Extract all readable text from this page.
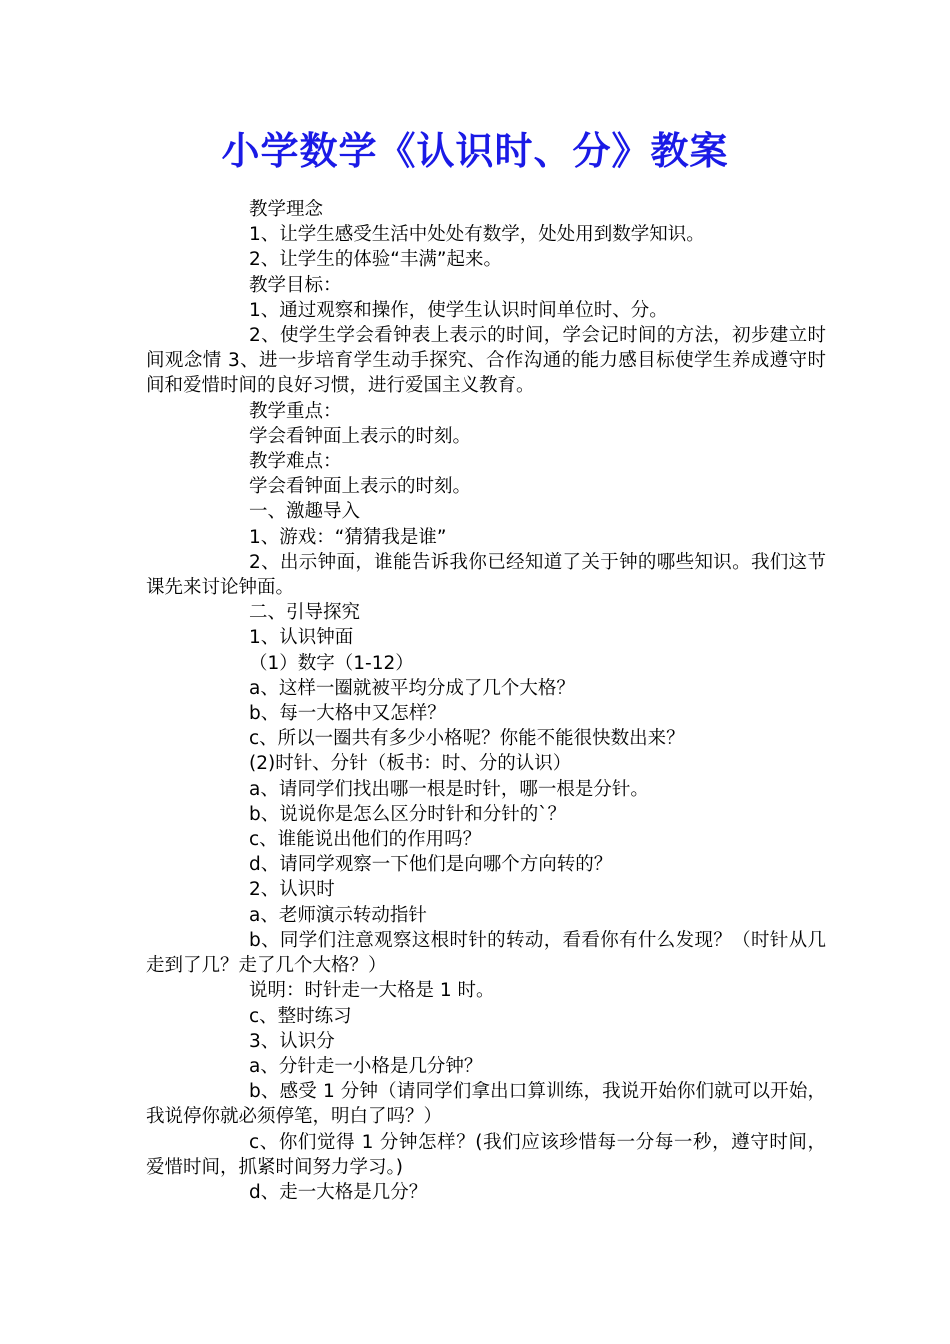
小学数学《认识时、分》教案

教学理念

1、让学生感受生活中处处有数学，处处用到数学知识。

2、让学生的体验“丰满”起来。

教学目标：

1、通过观察和操作，使学生认识时间单位时、分。

2、使学生学会看钟表上表示的时间，学会记时间的方法，初步建立时间观念情 3、进一步培育学生动手探究、合作沟通的能力感目标使学生养成遵守时间和爱惜时间的良好习惯，进行爱国主义教育。

教学重点：

学会看钟面上表示的时刻。

教学难点：

学会看钟面上表示的时刻。

一、激趣导入

1、游戏：“猜猜我是谁”

2、出示钟面，谁能告诉我你已经知道了关于钟的哪些知识。我们这节课先来讨论钟面。

二、引导探究

1、认识钟面

（1）数字（1-12）

a、这样一圈就被平均分成了几个大格？

b、每一大格中又怎样？

c、所以一圈共有多少小格呢？你能不能很快数出来？

(2)时针、分针（板书：时、分的认识）

a、请同学们找出哪一根是时针，哪一根是分针。

b、说说你是怎么区分时针和分针的`？

c、谁能说出他们的作用吗？

d、请同学观察一下他们是向哪个方向转的？

2、认识时

a、老师演示转动指针

b、同学们注意观察这根时针的转动，看看你有什么发现？（时针从几走到了几？走了几个大格？）

说明：时针走一大格是 1 时。

c、整时练习

3、认识分

a、分针走一小格是几分钟？

b、感受 1 分钟（请同学们拿出口算训练，我说开始你们就可以开始，我说停你就必须停笔，明白了吗？）

c、你们觉得 1 分钟怎样？(我们应该珍惜每一分每一秒，遵守时间，爱惜时间，抓紧时间努力学习。)

d、走一大格是几分？
